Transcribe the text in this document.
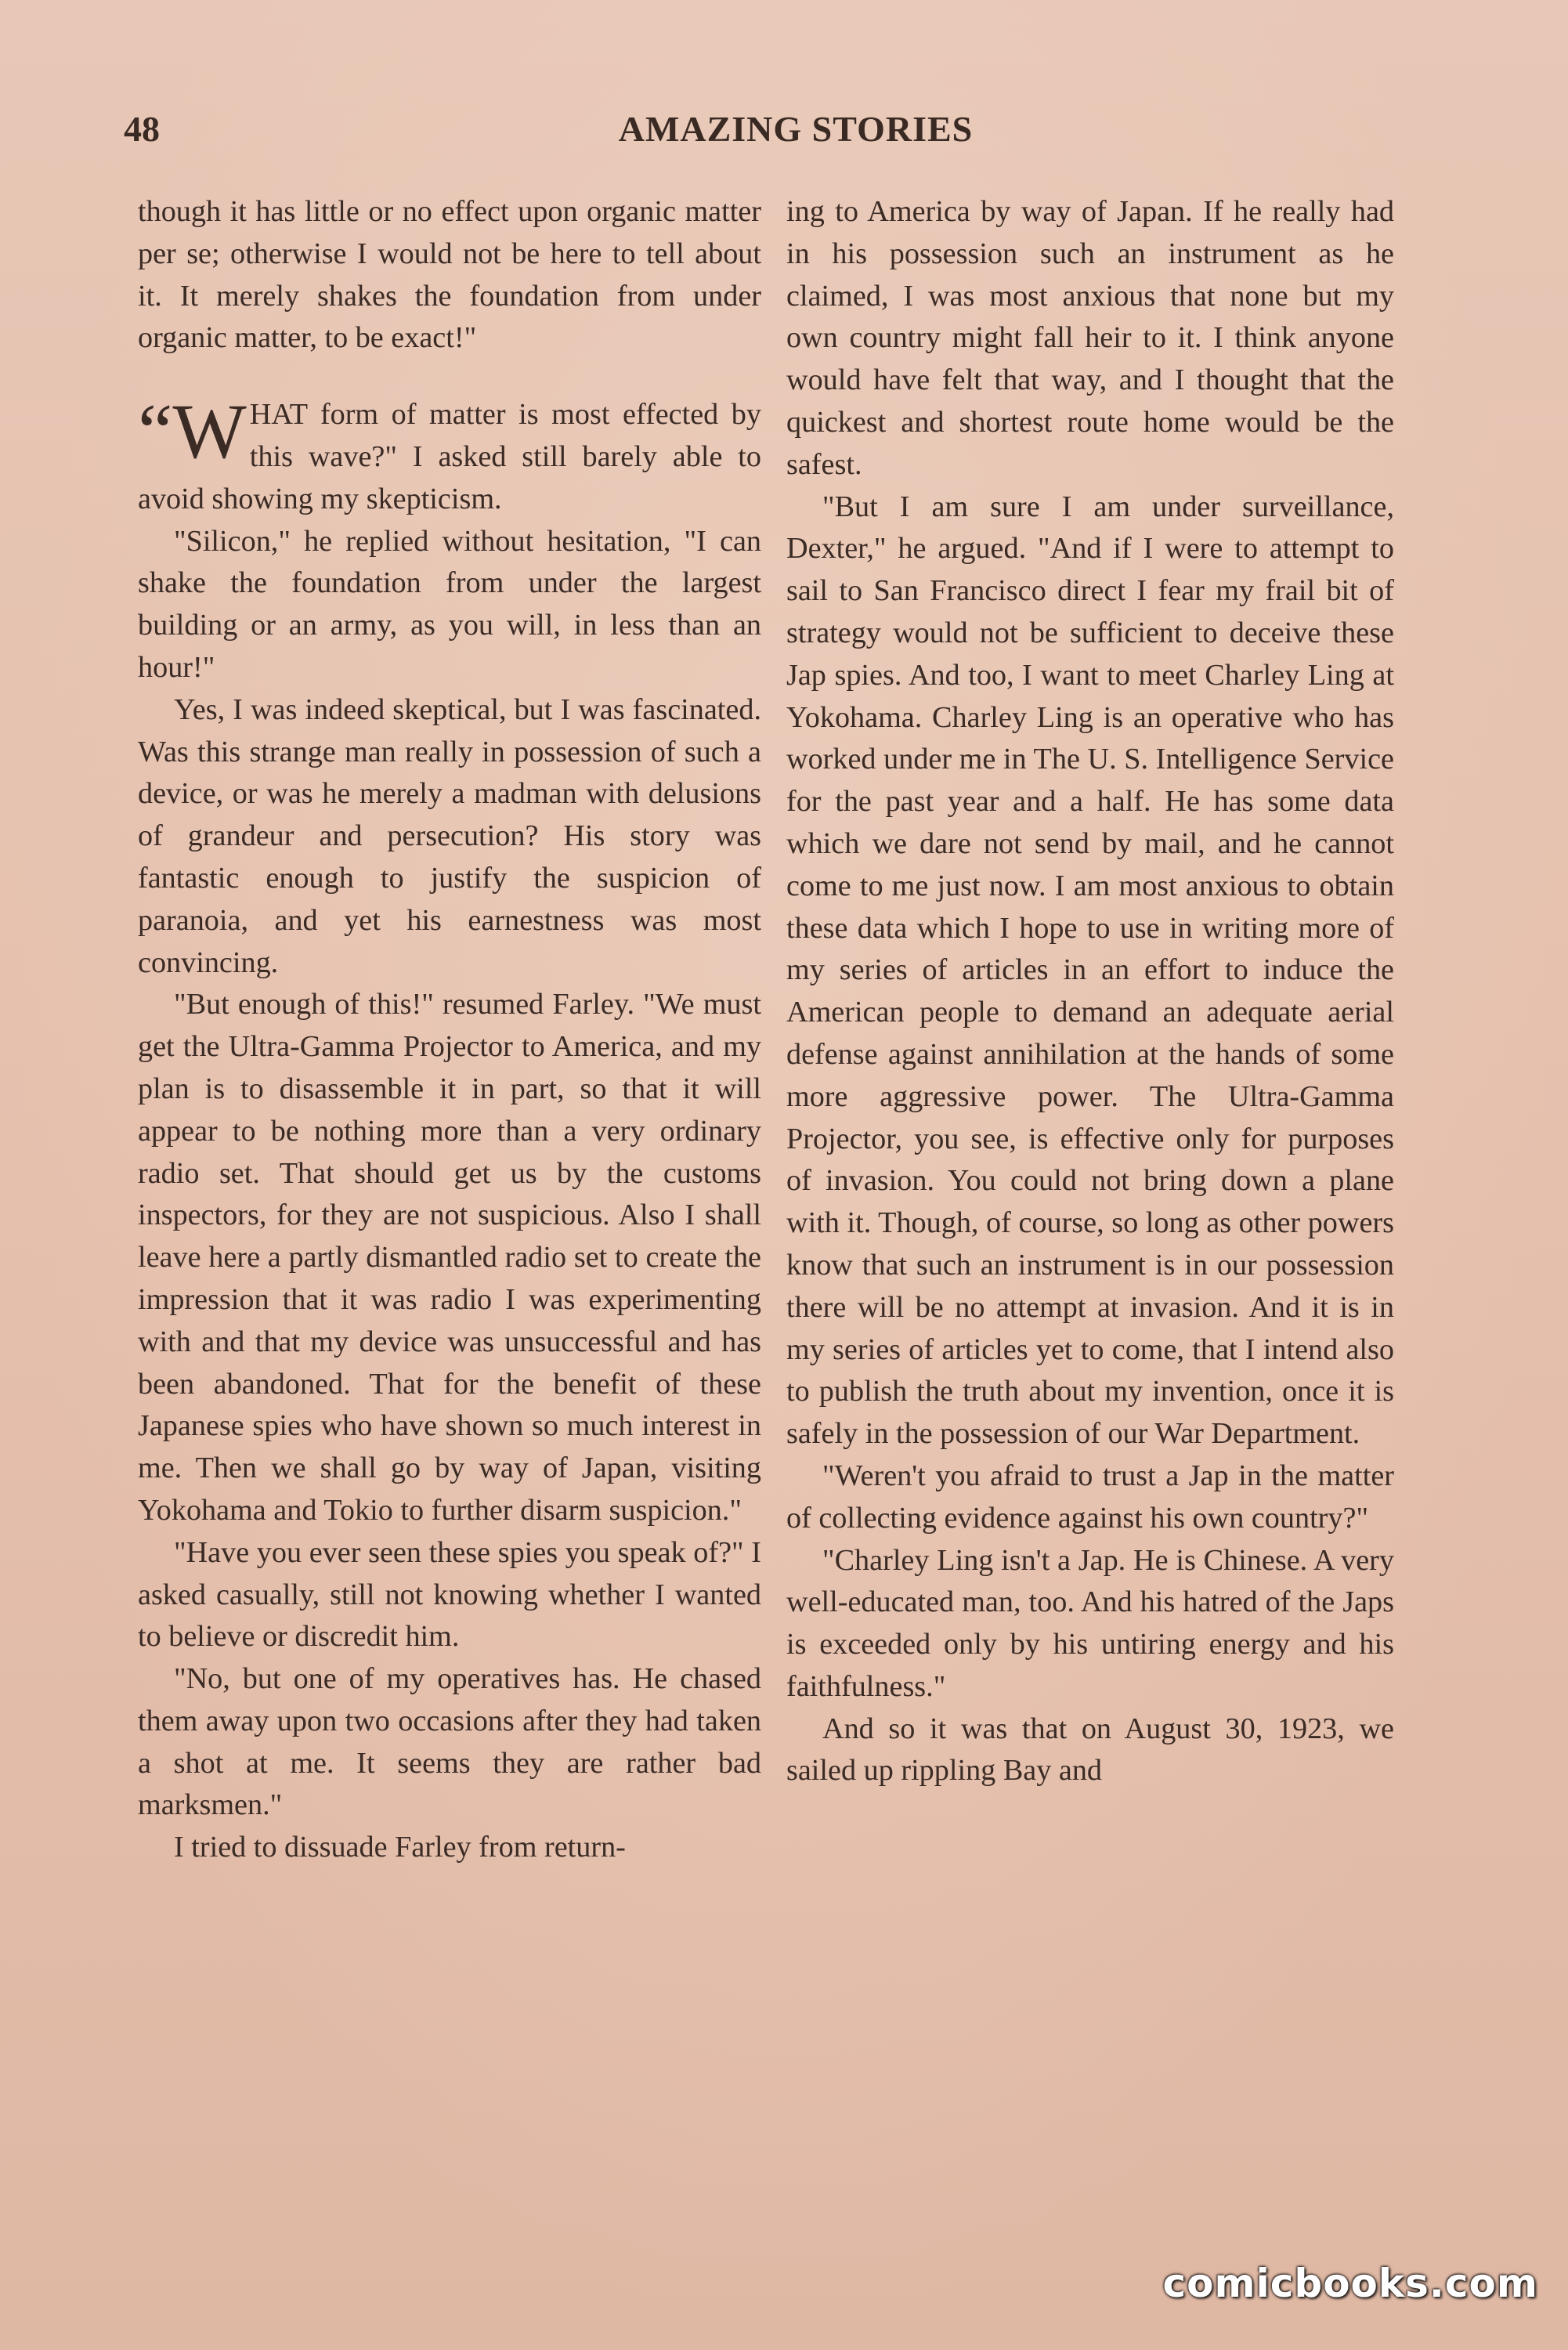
48	AMAZING STORIES

though it has little or no effect upon organic matter per se; otherwise I would not be here to tell about it. It merely shakes the foundation from under organic matter, to be exact!"

“WHAT form of matter is most effected by this wave?" I asked still barely able to avoid showing my skepticism.

"Silicon," he replied without hesitation, "I can shake the foundation from under the largest building or an army, as you will, in less than an hour!"

Yes, I was indeed skeptical, but I was fascinated. Was this strange man really in possession of such a device, or was he merely a madman with delusions of grandeur and persecution? His story was fantastic enough to justify the suspicion of paranoia, and yet his earnestness was most convincing.

"But enough of this!" resumed Farley. "We must get the Ultra-Gamma Projector to America, and my plan is to disassemble it in part, so that it will appear to be nothing more than a very ordinary radio set. That should get us by the customs inspectors, for they are not suspicious. Also I shall leave here a partly dismantled radio set to create the impression that it was radio I was experimenting with and that my device was unsuccessful and has been abandoned. That for the benefit of these Japanese spies who have shown so much interest in me. Then we shall go by way of Japan, visiting Yokohama and Tokio to further disarm suspicion."

"Have you ever seen these spies you speak of?" I asked casually, still not knowing whether I wanted to believe or discredit him.

"No, but one of my operatives has. He chased them away upon two occasions after they had taken a shot at me. It seems they are rather bad marksmen."

I tried to dissuade Farley from return-

ing to America by way of Japan. If he really had in his possession such an instrument as he claimed, I was most anxious that none but my own country might fall heir to it. I think anyone would have felt that way, and I thought that the quickest and shortest route home would be the safest.

"But I am sure I am under surveillance, Dexter," he argued. "And if I were to attempt to sail to San Francisco direct I fear my frail bit of strategy would not be sufficient to deceive these Jap spies. And too, I want to meet Charley Ling at Yokohama. Charley Ling is an operative who has worked under me in The U. S. Intelligence Service for the past year and a half. He has some data which we dare not send by mail, and he cannot come to me just now. I am most anxious to obtain these data which I hope to use in writing more of my series of articles in an effort to induce the American people to demand an adequate aerial defense against annihilation at the hands of some more aggressive power. The Ultra-Gamma Projector, you see, is effective only for purposes of invasion. You could not bring down a plane with it. Though, of course, so long as other powers know that such an instrument is in our possession there will be no attempt at invasion. And it is in my series of articles yet to come, that I intend also to publish the truth about my invention, once it is safely in the possession of our War Department.

"Weren't you afraid to trust a Jap in the matter of collecting evidence against his own country?"

"Charley Ling isn't a Jap. He is Chinese. A very well-educated man, too. And his hatred of the Japs is exceeded only by his untiring energy and his faithfulness."

And so it was that on August 30, 1923, we sailed up rippling Bay and

comicbooks.com
